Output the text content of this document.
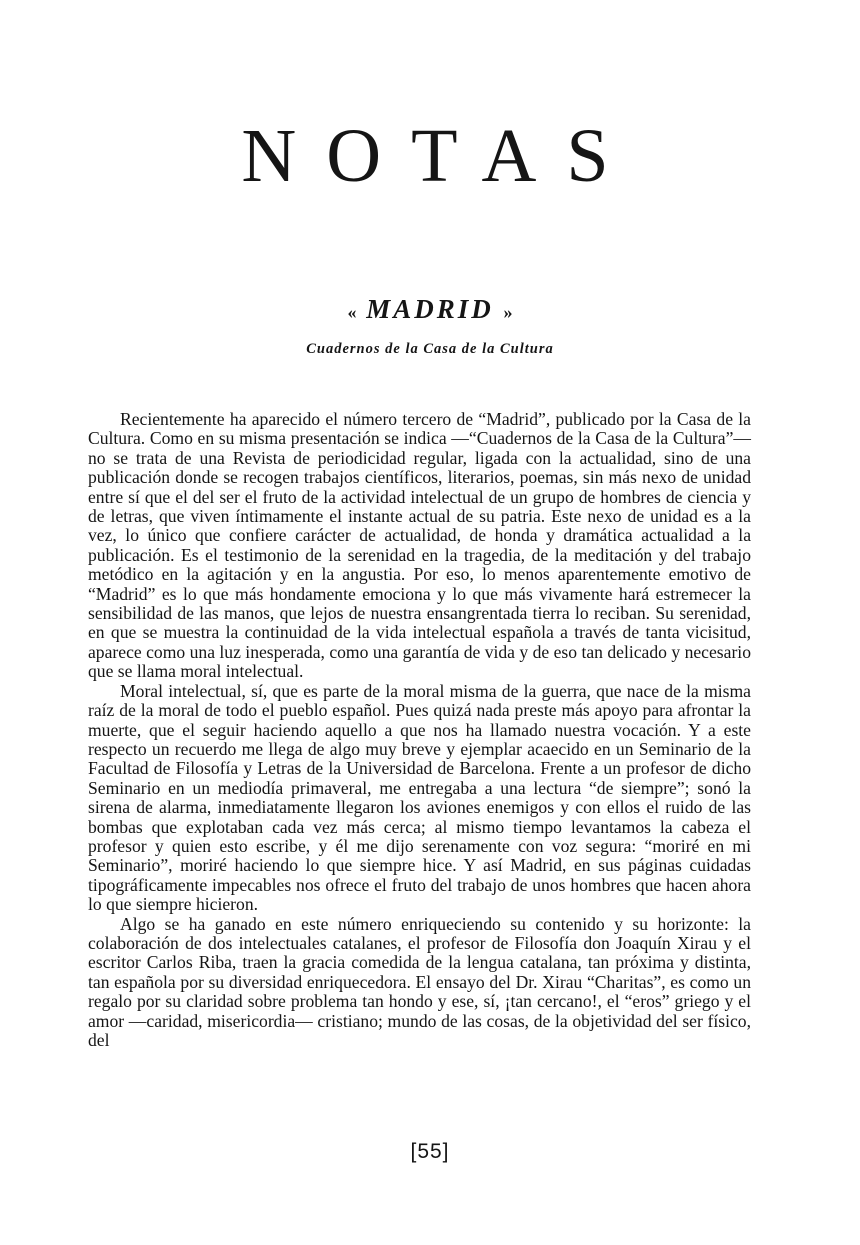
NOTAS
« MADRID »
Cuadernos de la Casa de la Cultura

Recientemente ha aparecido el número tercero de “Madrid”, publicado por la Casa de la Cultura. Como en su misma presentación se indica —“Cuadernos de la Casa de la Cultura”— no se trata de una Revista de periodicidad regular, ligada con la actualidad, sino de una publicación donde se recogen trabajos científicos, literarios, poemas, sin más nexo de unidad entre sí que el del ser el fruto de la actividad intelectual de un grupo de hombres de ciencia y de letras, que viven íntimamente el instante actual de su patria. Este nexo de unidad es a la vez, lo único que confiere carácter de actualidad, de honda y dramática actualidad a la publicación. Es el testimonio de la serenidad en la tragedia, de la meditación y del trabajo metódico en la agitación y en la angustia. Por eso, lo menos aparentemente emotivo de “Madrid” es lo que más hondamente emociona y lo que más vivamente hará estremecer la sensibilidad de las manos, que lejos de nuestra ensangrentada tierra lo reciban. Su serenidad, en que se muestra la continuidad de la vida intelectual española a través de tanta vicisitud, aparece como una luz inesperada, como una garantía de vida y de eso tan delicado y necesario que se llama moral intelectual.

Moral intelectual, sí, que es parte de la moral misma de la guerra, que nace de la misma raíz de la moral de todo el pueblo español. Pues quizá nada preste más apoyo para afrontar la muerte, que el seguir haciendo aquello a que nos ha llamado nuestra vocación. Y a este respecto un recuerdo me llega de algo muy breve y ejemplar acaecido en un Seminario de la Facultad de Filosofía y Letras de la Universidad de Barcelona. Frente a un profesor de dicho Seminario en un mediodía primaveral, me entregaba a una lectura “de siempre”; sonó la sirena de alarma, inmediatamente llegaron los aviones enemigos y con ellos el ruido de las bombas que explotaban cada vez más cerca; al mismo tiempo levantamos la cabeza el profesor y quien esto escribe, y él me dijo serenamente con voz segura: “moriré en mi Seminario”, moriré haciendo lo que siempre hice. Y así Madrid, en sus páginas cuidadas tipográficamente impecables nos ofrece el fruto del trabajo de unos hombres que hacen ahora lo que siempre hicieron.

Algo se ha ganado en este número enriqueciendo su contenido y su horizonte: la colaboración de dos intelectuales catalanes, el profesor de Filosofía don Joaquín Xirau y el escritor Carlos Riba, traen la gracia comedida de la lengua catalana, tan próxima y distinta, tan española por su diversidad enriquecedora. El ensayo del Dr. Xirau “Charitas”, es como un regalo por su claridad sobre problema tan hondo y ese, sí, ¡tan cercano!, el “eros” griego y el amor —caridad, misericordia— cristiano; mundo de las cosas, de la objetividad del ser físico, del

[55]
